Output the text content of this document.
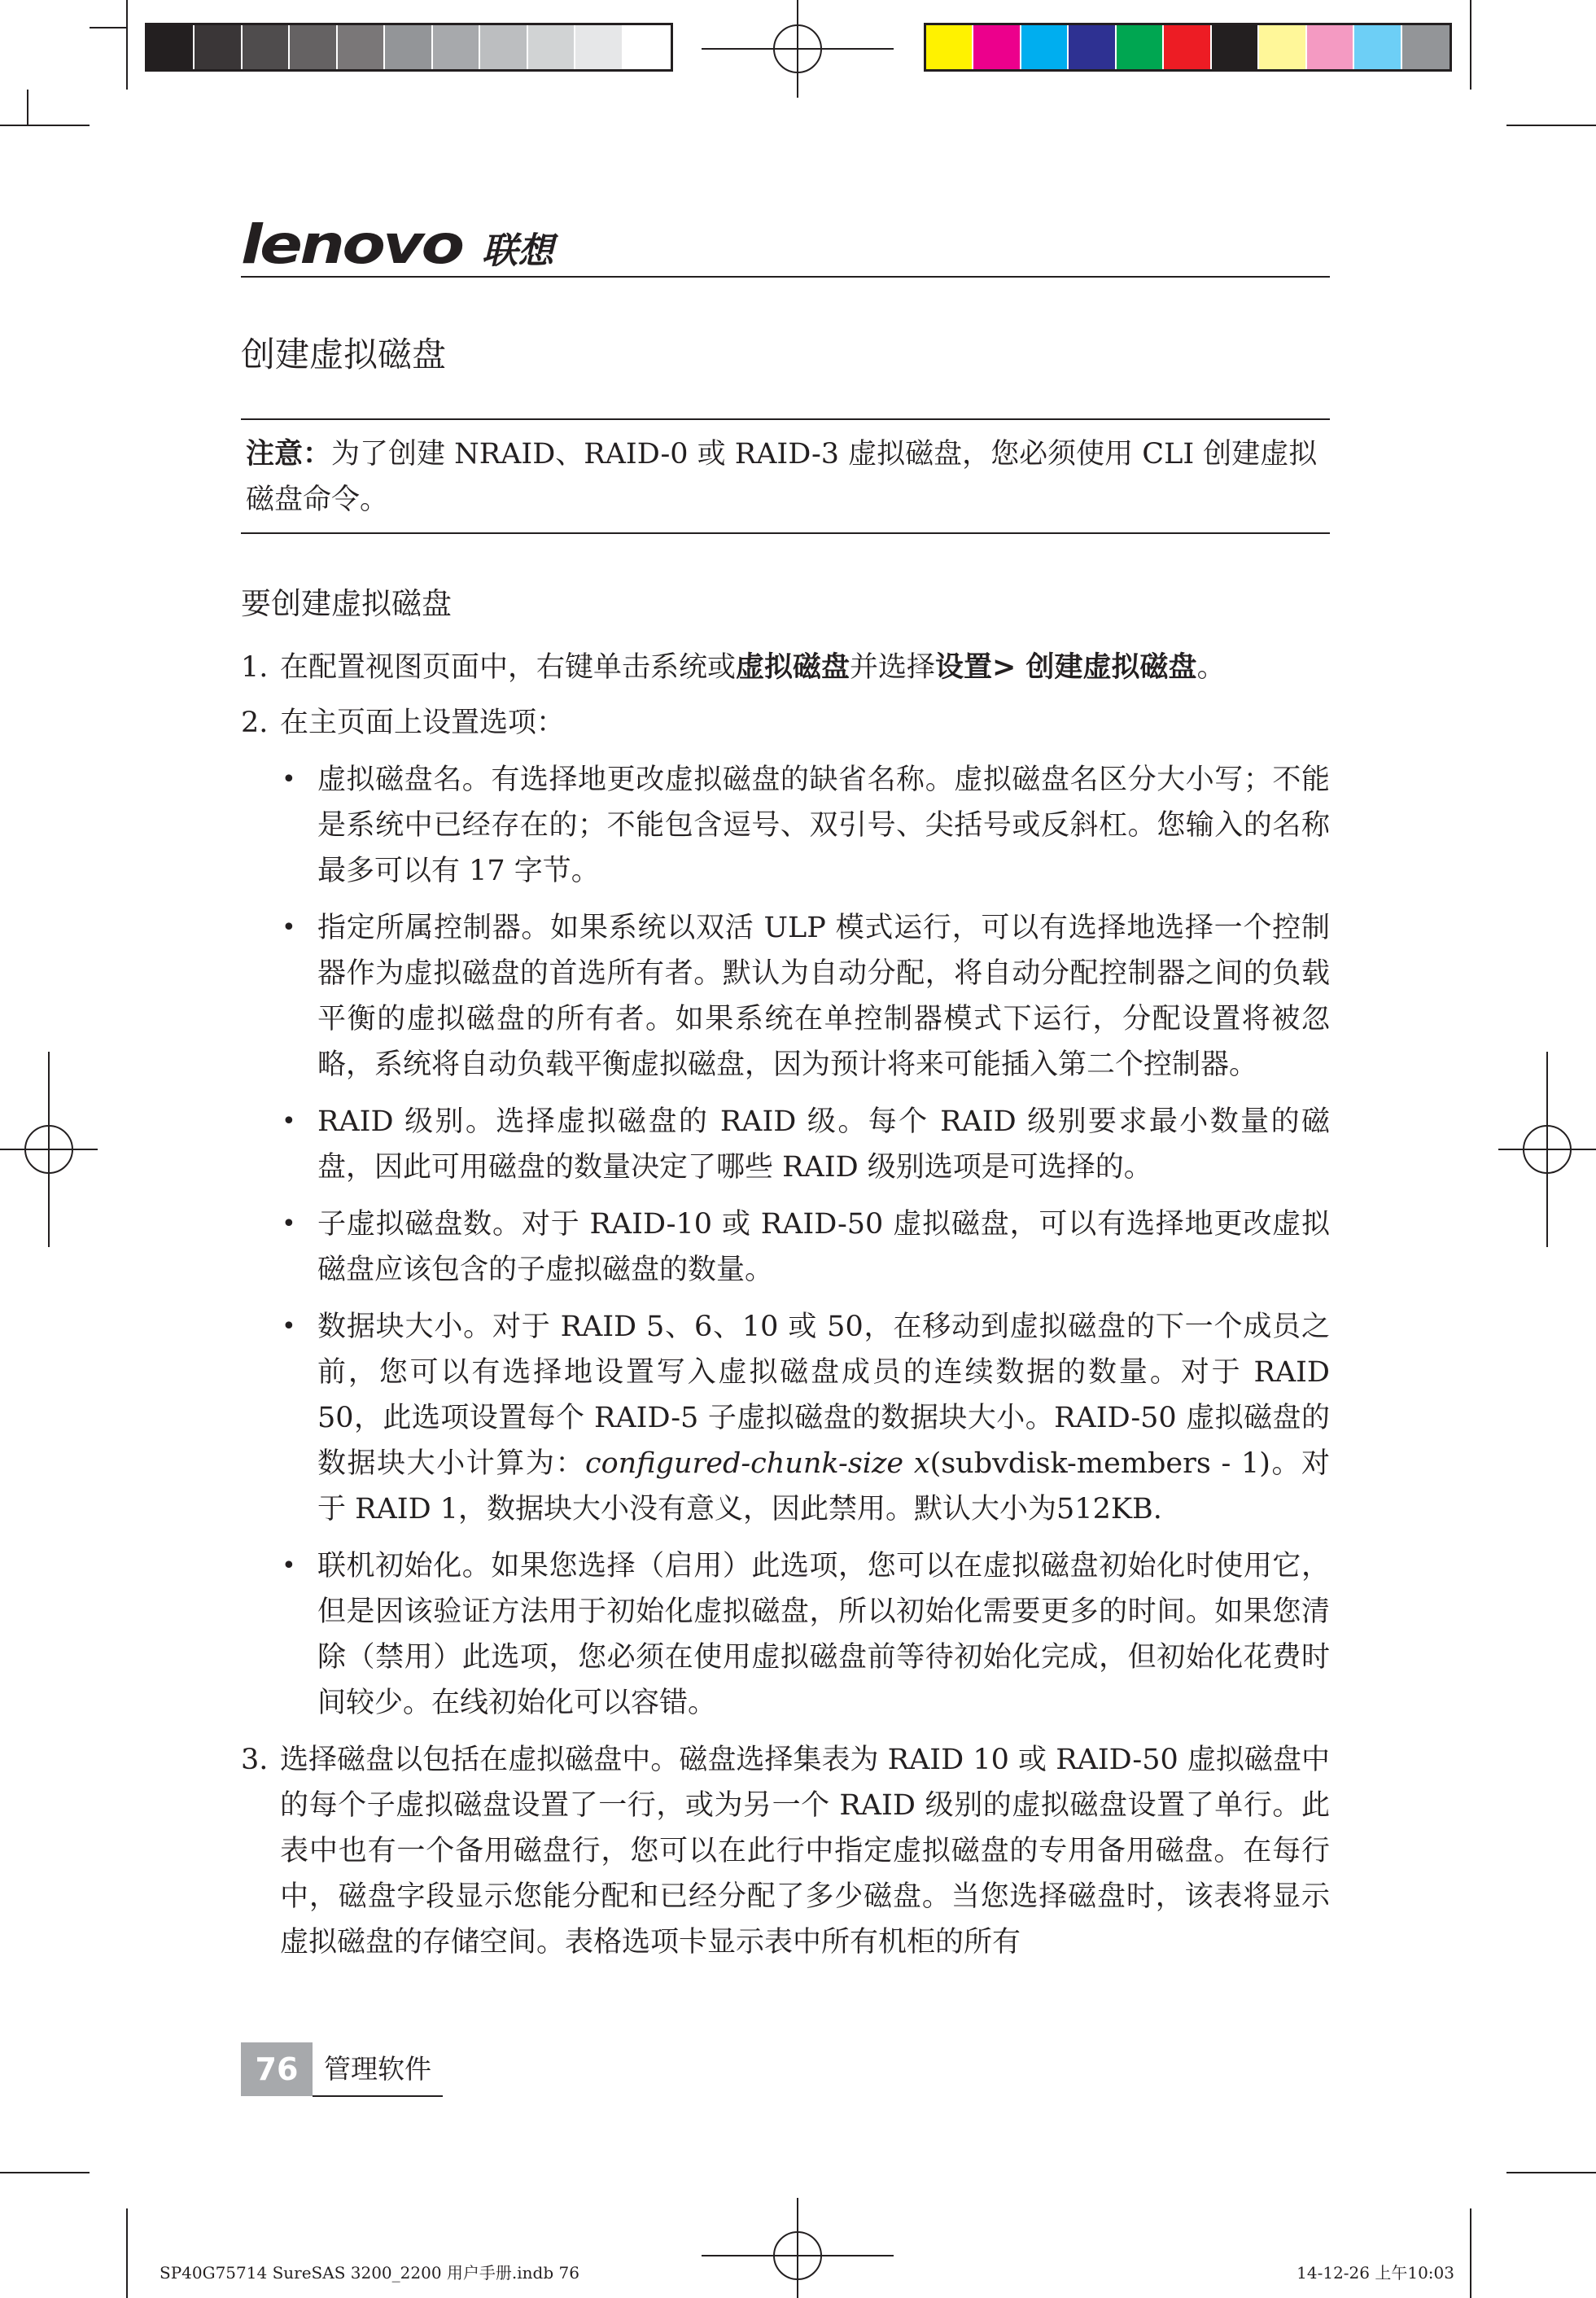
lenovo 联想
创建虚拟磁盘
注意：为了创建 NRAID、RAID-0 或 RAID-3 虚拟磁盘，您必须使用 CLI 创建虚拟磁盘命令。
要创建虚拟磁盘
1. 在配置视图页面中，右键单击系统或虚拟磁盘并选择设置> 创建虚拟磁盘。
2. 在主页面上设置选项：
• 虚拟磁盘名。有选择地更改虚拟磁盘的缺省名称。虚拟磁盘名区分大小写；不能是系统中已经存在的；不能包含逗号、双引号、尖括号或反斜杠。您输入的名称最多可以有 17 字节。
• 指定所属控制器。如果系统以双活 ULP 模式运行，可以有选择地选择一个控制器作为虚拟磁盘的首选所有者。默认为自动分配，将自动分配控制器之间的负载平衡的虚拟磁盘的所有者。如果系统在单控制器模式下运行，分配设置将被忽略，系统将自动负载平衡虚拟磁盘，因为预计将来可能插入第二个控制器。
• RAID 级别。选择虚拟磁盘的 RAID 级。每个 RAID 级别要求最小数量的磁盘，因此可用磁盘的数量决定了哪些 RAID 级别选项是可选择的。
• 子虚拟磁盘数。对于 RAID-10 或 RAID-50 虚拟磁盘，可以有选择地更改虚拟磁盘应该包含的子虚拟磁盘的数量。
• 数据块大小。对于 RAID 5、6、10 或 50，在移动到虚拟磁盘的下一个成员之前，您可以有选择地设置写入虚拟磁盘成员的连续数据的数量。对于 RAID 50，此选项设置每个 RAID-5 子虚拟磁盘的数据块大小。RAID-50 虚拟磁盘的数据块大小计算为：configured-chunk-size x(subvdisk-members - 1)。对于 RAID 1，数据块大小没有意义，因此禁用。默认大小为512KB.
• 联机初始化。如果您选择（启用）此选项，您可以在虚拟磁盘初始化时使用它，但是因该验证方法用于初始化虚拟磁盘，所以初始化需要更多的时间。如果您清除（禁用）此选项，您必须在使用虚拟磁盘前等待初始化完成，但初始化花费时间较少。在线初始化可以容错。
3. 选择磁盘以包括在虚拟磁盘中。磁盘选择集表为 RAID 10 或 RAID-50 虚拟磁盘中的每个子虚拟磁盘设置了一行，或为另一个 RAID 级别的虚拟磁盘设置了单行。此表中也有一个备用磁盘行，您可以在此行中指定虚拟磁盘的专用备用磁盘。在每行中，磁盘字段显示您能分配和已经分配了多少磁盘。当您选择磁盘时，该表将显示虚拟磁盘的存储空间。表格选项卡显示表中所有机柜的所有
76 管理软件
SP40G75714 SureSAS 3200_2200 用户手册.indb 76	14-12-26 上午10:03
